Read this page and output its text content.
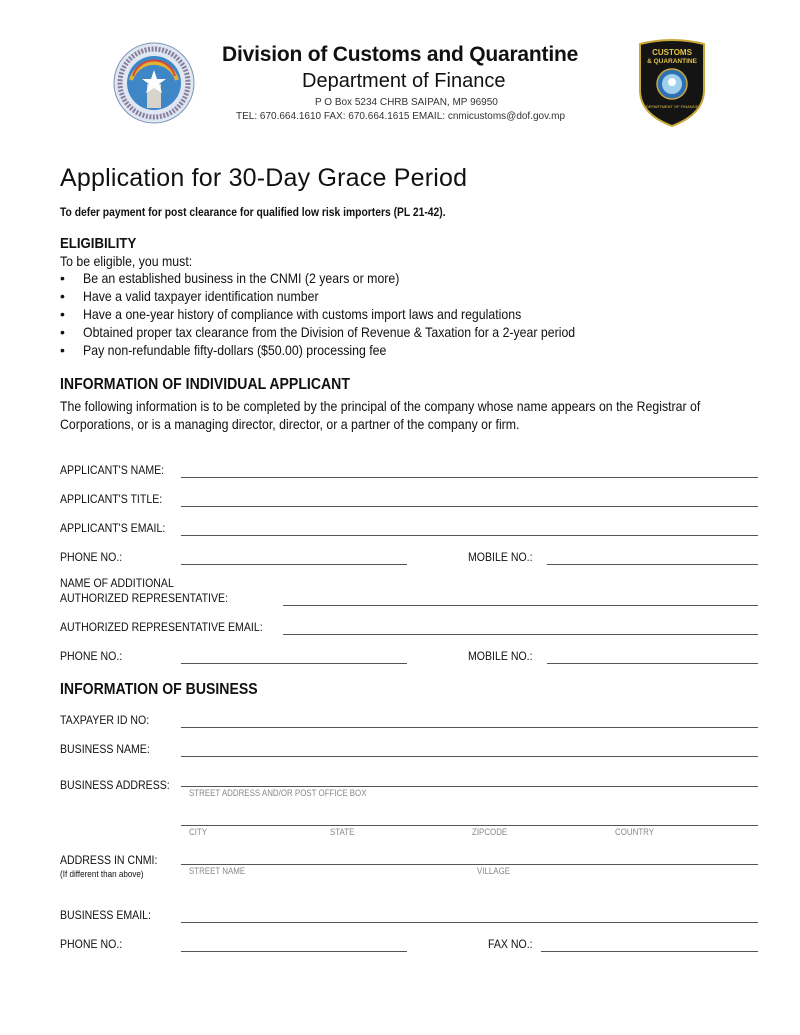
Division of Customs and Quarantine
Department of Finance
P O Box 5234 CHRB SAIPAN, MP 96950
TEL: 670.664.1610 FAX: 670.664.1615 EMAIL: cnmicustoms@dof.gov.mp
CUSTOMS
& QUARANTINE
DEPARTMENT OF FINANCE
Application for 30-Day Grace Period
To defer payment for post clearance for qualified low risk importers (PL 21-42).
ELIGIBILITY
To be eligible, you must:
• Be an established business in the CNMI (2 years or more)
• Have a valid taxpayer identification number
• Have a one-year history of compliance with customs import laws and regulations
• Obtained proper tax clearance from the Division of Revenue & Taxation for a 2-year period
• Pay non-refundable fifty-dollars ($50.00) processing fee
INFORMATION OF INDIVIDUAL APPLICANT
The following information is to be completed by the principal of the company whose name appears on the Registrar of
Corporations, or is a managing director, director, or a partner of the company or firm.
APPLICANT'S NAME:
APPLICANT'S TITLE:
APPLICANT'S EMAIL:
PHONE NO.:	MOBILE NO.:
NAME OF ADDITIONAL
AUTHORIZED REPRESENTATIVE:
AUTHORIZED REPRESENTATIVE EMAIL:
PHONE NO.:	MOBILE NO.:
INFORMATION OF BUSINESS
TAXPAYER ID NO:
BUSINESS NAME:
BUSINESS ADDRESS:
STREET ADDRESS AND/OR POST OFFICE BOX
CITY	STATE	ZIPCODE	COUNTRY
ADDRESS IN CNMI:
(If different than above)	STREET NAME	VILLAGE
BUSINESS EMAIL:
PHONE NO.:	FAX NO.:
